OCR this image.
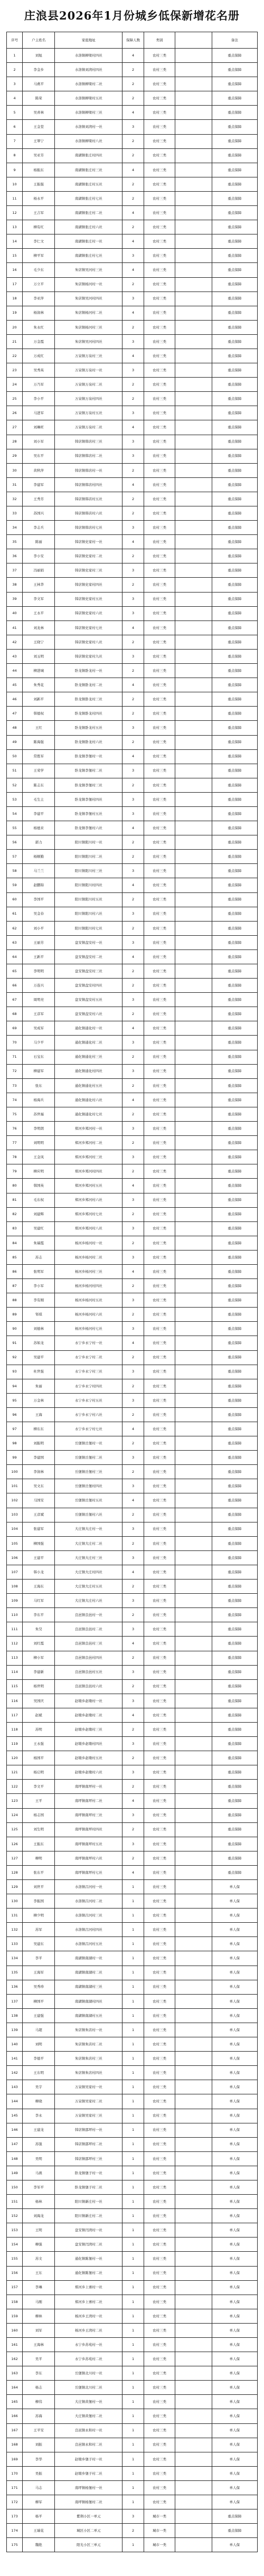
庄浪县2026年1月份城乡低保新增花名册
序号	户主姓名	家庭地址	保障人数	类别		备注
1	刘旭	水洛镇柳梁村四社	4	农村三类		重点保障
2	李金乡	水洛镇刘湾村四社	2	农村三类		重点保障
3	马燕平	水洛镇柳梁村二社	2	农村三类		重点保障
4	陈荣	水洛镇柳梁村五社	2	农村三类		重点保障
5	吴喜林	水洛镇柳梁村三社	4	农村三类		重点保障
6	王金堂	水洛镇刘湾村一社	3	农村三类		重点保障
7	王翠宁	水洛镇柳梁村八社	2	农村三类		重点保障
8	吴亚芳	南湖镇张庄村四社	2	农村三类		重点保障
9	杨振东	南湖镇张庄村三社	4	农村三类		重点保障
10	王振强	南湖镇张庄村五社	2	农村三类		重点保障
11	杨永平	南湖镇张庄村七社	2	农村三类		重点保障
12	王吉军	南湖镇张庄村二社	4	农村三类		重点保障
13	柳有红	南湖镇张庄村六社	2	农村三类		重点保障
14	李仁文	南湖镇张庄村一社	4	农村三类		重点保障
15	柳平军	南湖镇张庄村七社	3	农村三类		重点保障
16	毛少东	朱店镇吴河村三社	4	农村三类		重点保障
17	万立平	朱店镇杨河村一社	2	农村三类		重点保障
18	李亚萍	朱店镇吴河村四社	3	农村三类		重点保障
19	杨润林	朱店镇杨河村二社	4	农村三类		重点保障
20	朱永红	朱店镇杨河村三社	2	农村三类		重点保障
21	万金霞	朱店镇吴河村四社	3	农村三类		重点保障
22	万成红	万泉镇万泉村三社	4	农村三类		重点保障
23	吴秀英	万泉镇万泉村一社	3	农村三类		重点保障
24	万乃军	万泉镇万泉村二社	2	农村三类		重点保障
25	李小平	万泉镇万泉村四社	2	农村三类		重点保障
26	马进军	万泉镇万泉村五社	3	农村三类		重点保障
27	刘琳旺	万泉镇万泉村二社	4	农村三类		重点保障
28	刘小军	韩店镇韩店村三社	3	农村三类		重点保障
29	吴东平	韩店镇韩店村二社	3	农村三类		重点保障
30	黄秋萍	韩店镇韩店村一社	2	农村三类		重点保障
31	李建军	韩店镇韩店村四社	4	农村三类		重点保障
32	王秀芳	韩店镇韩店村五社	2	农村三类		重点保障
33	苏国兴	韩店镇韩店村六社	2	农村三类		重点保障
34	李志兵	韩店镇韩店村七社	3	农村三类		重点保障
35	陈丽	韩店镇史家村一社	4	农村三类		重点保障
36	李小安	韩店镇史家村二社	2	农村三类		重点保障
37	冯丽娟	韩店镇史家村三社	3	农村三类		重点保障
38	王林华	韩店镇史家村四社	2	农村三类		重点保障
39	李文军	韩店镇史家村五社	3	农村三类		重点保障
40	王永平	韩店镇史家村六社	3	农村三类		重点保障
41	刘龙林	韩店镇史家村七社	4	农村三类		重点保障
42	王晓宁	韩店镇史家村八社	2	农村三类		重点保障
43	刘玉明	韩店镇史家村九社	3	农村三类		重点保障
44	柳进城	卧龙镇卧龙村一社	2	农村三类		重点保障
45	朱秀花	卧龙镇卧龙村二社	4	农村三类		重点保障
46	刘新平	卧龙镇卧龙村三社	2	农村三类		重点保障
47	韩德权	卧龙镇卧龙村四社	2	农村三类		重点保障
48	王红	卧龙镇卧龙村五社	3	农村三类		重点保障
49	陈海强	卧龙镇卧龙村六社	2	农村三类		重点保障
50	常胜军	卧龙镇李堡村一社	4	农村三类		重点保障
51	王荣学	卧龙镇李堡村二社	3	农村三类		重点保障
52	陈志东	卧龙镇李堡村三社	2	农村三类		重点保障
53	毛生主	卧龙镇李堡村四社	3	农村三类		重点保障
54	李建平	卧龙镇李堡村五社	3	农村三类		重点保障
55	杨德来	卧龙镇李堡村六社	4	农村三类		重点保障
56	郭力	阳川镇阳川村一社	2	农村三类		重点保障
57	杨顺勤	阳川镇阳川村二社	2	农村三类		重点保障
58	马兰兰	阳川镇阳川村三社	3	农村三类		重点保障
59	赵鹏锦	阳川镇阳川村四社	4	农村三类		重点保障
60	李国平	阳川镇阳川村五社	2	农村三类		重点保障
61	吴金春	阳川镇阳川村六社	3	农村三类		重点保障
62	刘小平	阳川镇阳川村七社	2	农村三类		重点保障
63	王丽芳	盘安镇盘安村一社	3	农村三类		重点保障
64	王新平	盘安镇盘安村二社	4	农村三类		重点保障
65	李明明	盘安镇盘安村三社	2	农村三类		重点保障
66	万连兴	盘安镇盘安村四社	2	农村三类		重点保障
67	周明亮	盘安镇盘安村五社	3	农村三类		重点保障
68	王彦军	盘安镇盘安村六社	2	农村三类		重点保障
69	吴成军	通化镇通化村一社	4	农村三类		重点保障
70	马少平	通化镇通化村二社	3	农村三类		重点保障
71	石宝东	通化镇通化村三社	2	农村三类		重点保障
72	柳建军	通化镇通化村四社	3	农村三类		重点保障
73	张东	通化镇通化村五社	2	农村三类		重点保障
74	杨海兵	通化镇通化村六社	4	农村三类		重点保障
75	苏世福	通化镇通化村七社	2	农村三类		重点保障
76	李明朗	郑河乡郑河村一社	3	农村三类		重点保障
77	刘明明	郑河乡郑河村二社	2	农村三类		重点保障
78	王金凤	郑河乡郑河村三社	3	农村三类		重点保障
79	柳应明	郑河乡郑河村四社	2	农村三类		重点保障
80	韩国英	郑河乡郑河村五社	4	农村三类		重点保障
81	毛东权	郑河乡郑河村六社	3	农村三类		重点保障
82	刘建辉	郑河乡郑河村七社	2	农村三类		重点保障
83	吴建红	郑河乡郑河村八社	3	农村三类		重点保障
84	朱瑞霞	杨河乡杨河村一社	2	农村三类		重点保障
85	苏志	杨河乡杨河村二社	3	农村三类		重点保障
86	张明军	杨河乡杨河村三社	4	农村三类		重点保障
87	李小军	杨河乡杨河村四社	2	农村三类		重点保障
88	李有刚	杨河乡杨河村五社	3	农村三类		重点保障
89	邹琪	杨河乡杨河村六社	2	农村三类		重点保障
90	刘德林	杨河乡杨河村七社	3	农村三类		重点保障
91	苏如龙	永宁乡永宁村一社	4	农村三类		重点保障
92	吴建平	永宁乡永宁村二社	2	农村三类		重点保障
93	杜世强	永宁乡永宁村三社	3	农村三类		重点保障
94	朱丽	永宁乡永宁村四社	2	农村三类		重点保障
95	万金林	永宁乡永宁村五社	3	农村三类		重点保障
96	王海	永宁乡永宁村六社	2	农村三类		重点保障
97	柳东东	永宁乡永宁村七社	4	农村三类		重点保障
98	刘振明	岳堡镇岳堡村一社	2	农村三类		重点保障
99	李建国	岳堡镇岳堡村二社	3	农村三类		重点保障
100	李润林	岳堡镇岳堡村三社	2	农村三类		重点保障
101	吴文东	岳堡镇岳堡村四社	3	农村三类		重点保障
102	马国安	岳堡镇岳堡村五社	4	农村三类		重点保障
103	王彦斌	岳堡镇岳堡村六社	2	农村三类		重点保障
104	张建军	大庄镇大庄村一社	3	农村三类		重点保障
105	柳国强	大庄镇大庄村二社	2	农村三类		重点保障
106	王建平	大庄镇大庄村三社	3	农村三类		重点保障
107	韩小龙	大庄镇大庄村四社	4	农村三类		重点保障
108	王海东	大庄镇大庄村五社	2	农村三类		重点保障
109	马红军	大庄镇大庄村六社	3	农村三类		重点保障
110	李东平	良邑镇良邑村一社	2	农村三类		重点保障
111	朱昊	良邑镇良邑村二社	3	农村三类		重点保障
112	刘红霞	良邑镇良邑村三社	4	农村三类		重点保障
113	柳小军	良邑镇良邑村四社	2	农村三类		重点保障
114	李建新	良邑镇良邑村五社	3	农村三类		重点保障
115	杨世明	良邑镇良邑村六社	2	农村三类		重点保障
116	吴国庆	赵墩乡赵墩村一社	3	农村三类		重点保障
117	赵斌	赵墩乡赵墩村二社	4	农村三类		重点保障
118	苏明	赵墩乡赵墩村三社	2	农村三类		重点保障
119	王永强	赵墩乡赵墩村四社	3	农村三类		重点保障
120	杨国平	赵墩乡赵墩村五社	2	农村三类		重点保障
121	杨启明	赵墩乡赵墩村六社	3	农村三类		重点保障
122	李文平	南坪镇南坪村一社	2	农村三类		重点保障
123	王平	南坪镇南坪村二社	4	农村三类		重点保障
124	杨志国	南坪镇南坪村三社	3	农村三类		重点保障
125	刘生明	南坪镇南坪村四社	2	农村三类		重点保障
126	王振东	南坪镇南坪村五社	3	农村三类		重点保障
127	柳明	南坪镇南坪村六社	2	农村三类		重点保障
128	张东平	南坪镇南坪村七社	4	农村三类		重点保障
129	刘世平	水洛镇吕河村一社	1	农村三类		单人保
130	李振国	水洛镇吕河村二社	1	农村三类		单人保
131	柳少明	水洛镇吕河村三社	1	农村三类		单人保
132	苏军	水洛镇吕河村四社	1	农村三类		单人保
133	吴建东	水洛镇吕河村五社	1	农村三类		单人保
134	李平	南湖镇南湖村一社	1	农村三类		单人保
135	王海军	南湖镇南湖村二社	1	农村三类		单人保
136	吴秀珍	南湖镇南湖村三社	1	农村三类		单人保
137	柳国平	南湖镇南湖村四社	1	农村三类		单人保
138	王建强	南湖镇南湖村五社	1	农村三类		单人保
139	马超	朱店镇朱店村一社	1	农村三类		单人保
140	刘明	朱店镇朱店村二社	1	农村三类		单人保
141	李德平	朱店镇朱店村三社	1	农村三类		单人保
142	王东明	朱店镇朱店村四社	1	农村三类		单人保
143	吴宇	万泉镇吴家村一社	1	农村三类		单人保
144	柳晓	万泉镇吴家村二社	1	农村三类		单人保
145	李永	万泉镇吴家村三社	1	农村三类		单人保
146	王建龙	韩店镇邵坪村一社	1	农村三类		单人保
147	苏强	韩店镇邵坪村二社	1	农村三类		单人保
148	吴明	韩店镇邵坪村三社	1	农村三类		单人保
149	马燕	卧龙镇堡子村一社	1	农村三类		单人保
150	李军平	卧龙镇堡子村二社	1	农村三类		单人保
151	杨林	阳川镇新庄村一社	1	农村三类		单人保
152	刘海龙	阳川镇新庄村二社	1	农村三类		单人保
153	王明	盘安镇闫湾村一社	1	农村三类		单人保
154	柳强	盘安镇闫湾村二社	1	农村三类		单人保
155	苏文	通化镇陈堡村一社	1	农村三类		单人保
156	王东	通化镇陈堡村二社	1	农村三类		单人保
157	李琳	郑河乡上寨村一社	1	农村三类		单人保
158	马刚	郑河乡上寨村二社	1	农村三类		单人保
159	柳林	杨河乡王湾村一社	1	农村三类		单人保
160	刘军	杨河乡王湾村二社	1	农村三类		单人保
161	王海林	永宁乡苏苑村一社	1	农村三类		单人保
162	吴平	永宁乡苏苑村二社	1	农村三类		单人保
163	李东	岳堡镇北川村一社	1	农村三类		单人保
164	杨志	岳堡镇北川村二社	1	农村三类		单人保
165	柳伟	大庄镇黄堡村一社	1	农村三类		单人保
166	苏海	大庄镇黄堡村二社	1	农村三类		单人保
167	王平安	良邑镇永和村一社	1	农村三类		单人保
168	刘振	良邑镇永和村二社	1	农村三类		单人保
169	李华	赵墩乡堡子村一社	1	农村三类		单人保
170	吴振	赵墩乡堡子村二社	1	农村三类		单人保
171	马志	南坪镇杨堡村一社	1	农村三类		单人保
172	柳军	南坪镇杨堡村二社	1	农村三类		单人保
173	杨平	紫荆小区一单元	3	城市一类		重点保障
174	王瑞花	城区小区二单元	2	城市一类		重点保障
175	魏艳	阳光小区三单元	1	城市一类		单人保
